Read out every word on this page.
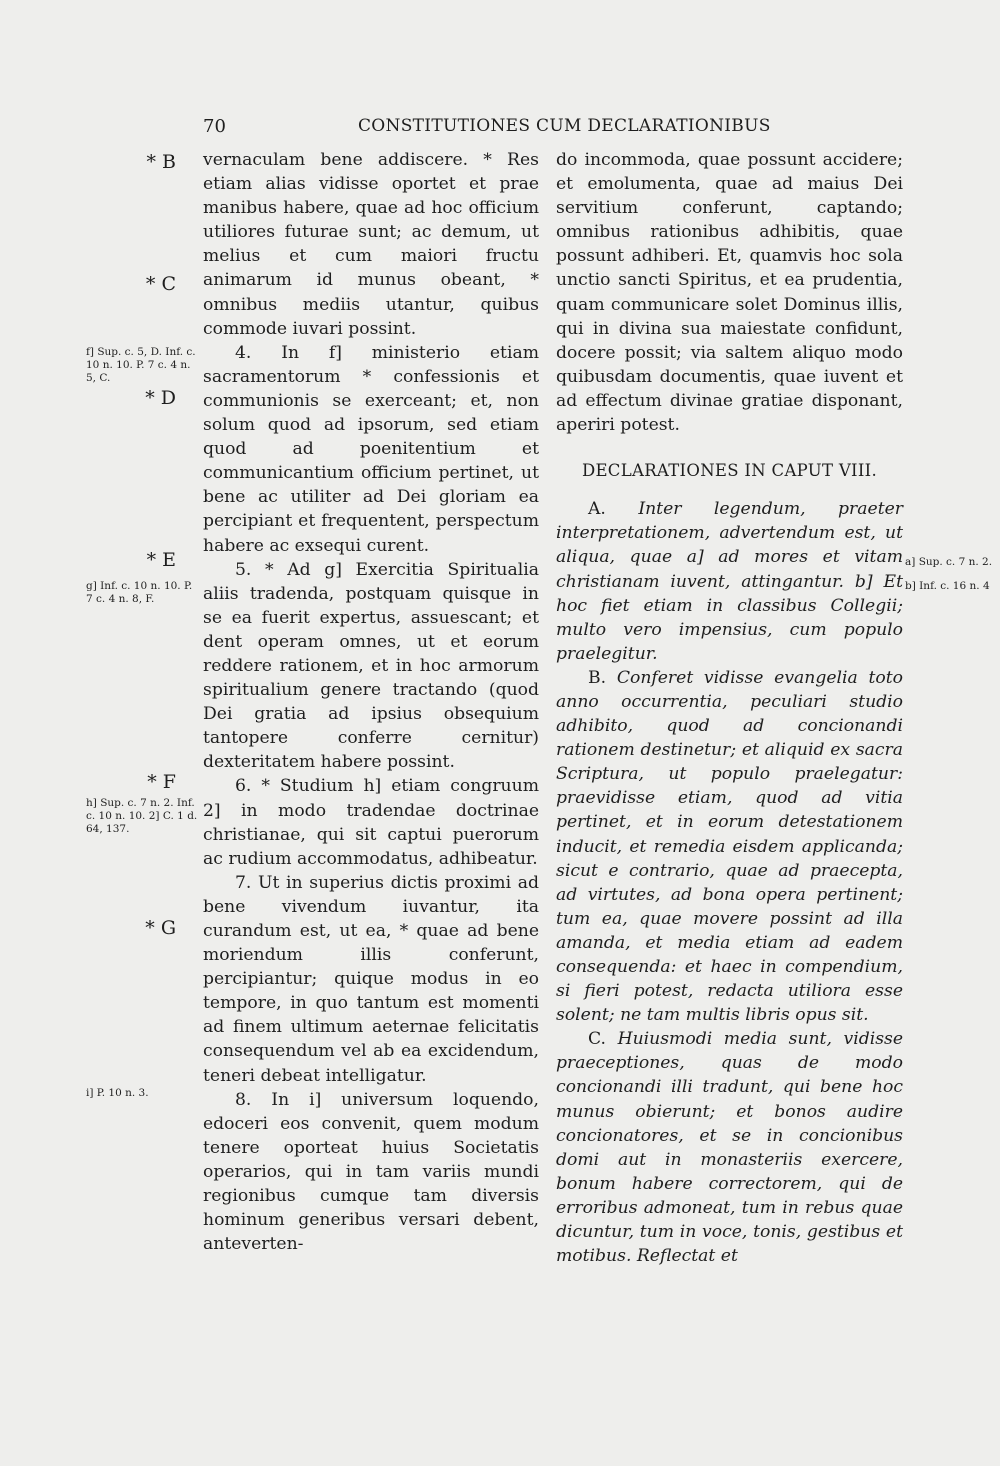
70	CONSTITUTIONES CUM DECLARATIONIBUS
* B
* C
f] Sup. c. 5, D. Inf. c. 10 n. 10. P. 7 c. 4 n. 5, C.
* D
* E
g] Inf. c. 10 n. 10. P. 7 c. 4 n. 8, F.
* F
h] Sup. c. 7 n. 2. Inf. c. 10 n. 10. 2] C. 1 d. 64, 137.
* G
i] P. 10 n. 3.
a] Sup. c. 7 n. 2.
b] Inf. c. 16 n. 4

vernaculam bene addiscere. * Res etiam alias vidisse oportet et prae manibus habere, quae ad hoc officium utiliores futurae sunt; ac demum, ut melius et cum maiori fructu animarum id munus obeant, * omnibus mediis utantur, quibus commode iuvari possint.

4. In f] ministerio etiam sacramentorum * confessionis et communionis se exerceant; et, non solum quod ad ipsorum, sed etiam quod ad poenitentium et communicantium officium pertinet, ut bene ac utiliter ad Dei gloriam ea percipiant et frequentent, perspectum habere ac exsequi curent.

5. * Ad g] Exercitia Spiritualia aliis tradenda, postquam quisque in se ea fuerit expertus, assuescant; et dent operam omnes, ut et eorum reddere rationem, et in hoc armorum spiritualium genere tractando (quod Dei gratia ad ipsius obsequium tantopere conferre cernitur) dexteritatem habere possint.

6. * Studium h] etiam congruum 2] in modo tradendae doctrinae christianae, qui sit captui puerorum ac rudium accommodatus, adhibeatur.

7. Ut in superius dictis proximi ad bene vivendum iuvantur, ita curandum est, ut ea, * quae ad bene moriendum illis conferunt, percipiantur; quique modus in eo tempore, in quo tantum est momenti ad finem ultimum aeternae felicitatis consequendum vel ab ea excidendum, teneri debeat intelligatur.

8. In i] universum loquendo, edoceri eos convenit, quem modum tenere oporteat huius Societatis operarios, qui in tam variis mundi regionibus cumque tam diversis hominum generibus versari debent, anteverten-

do incommoda, quae possunt accidere; et emolumenta, quae ad maius Dei servitium conferunt, captando; omnibus rationibus adhibitis, quae possunt adhiberi. Et, quamvis hoc sola unctio sancti Spiritus, et ea prudentia, quam communicare solet Dominus illis, qui in divina sua maiestate confidunt, docere possit; via saltem aliquo modo quibusdam documentis, quae iuvent et ad effectum divinae gratiae disponant, aperiri potest.

DECLARATIONES IN CAPUT VIII.

A. Inter legendum, praeter interpretationem, advertendum est, ut aliqua, quae a] ad mores et vitam christianam iuvent, attingantur. b] Et hoc fiet etiam in classibus Collegii; multo vero impensius, cum populo praelegitur.

B. Conferet vidisse evangelia toto anno occurrentia, peculiari studio adhibito, quod ad concionandi rationem destinetur; et aliquid ex sacra Scriptura, ut populo praelegatur: praevidisse etiam, quod ad vitia pertinet, et in eorum detestationem inducit, et remedia eisdem applicanda; sicut e contrario, quae ad praecepta, ad virtutes, ad bona opera pertinent; tum ea, quae movere possint ad illa amanda, et media etiam ad eadem consequenda: et haec in compendium, si fieri potest, redacta utiliora esse solent; ne tam multis libris opus sit.

C. Huiusmodi media sunt, vidisse praeceptiones, quas de modo concionandi illi tradunt, qui bene hoc munus obierunt; et bonos audire concionatores, et se in concionibus domi aut in monasteriis exercere, bonum habere correctorem, qui de erroribus admoneat, tum in rebus quae dicuntur, tum in voce, tonis, gestibus et motibus. Reflectat et
